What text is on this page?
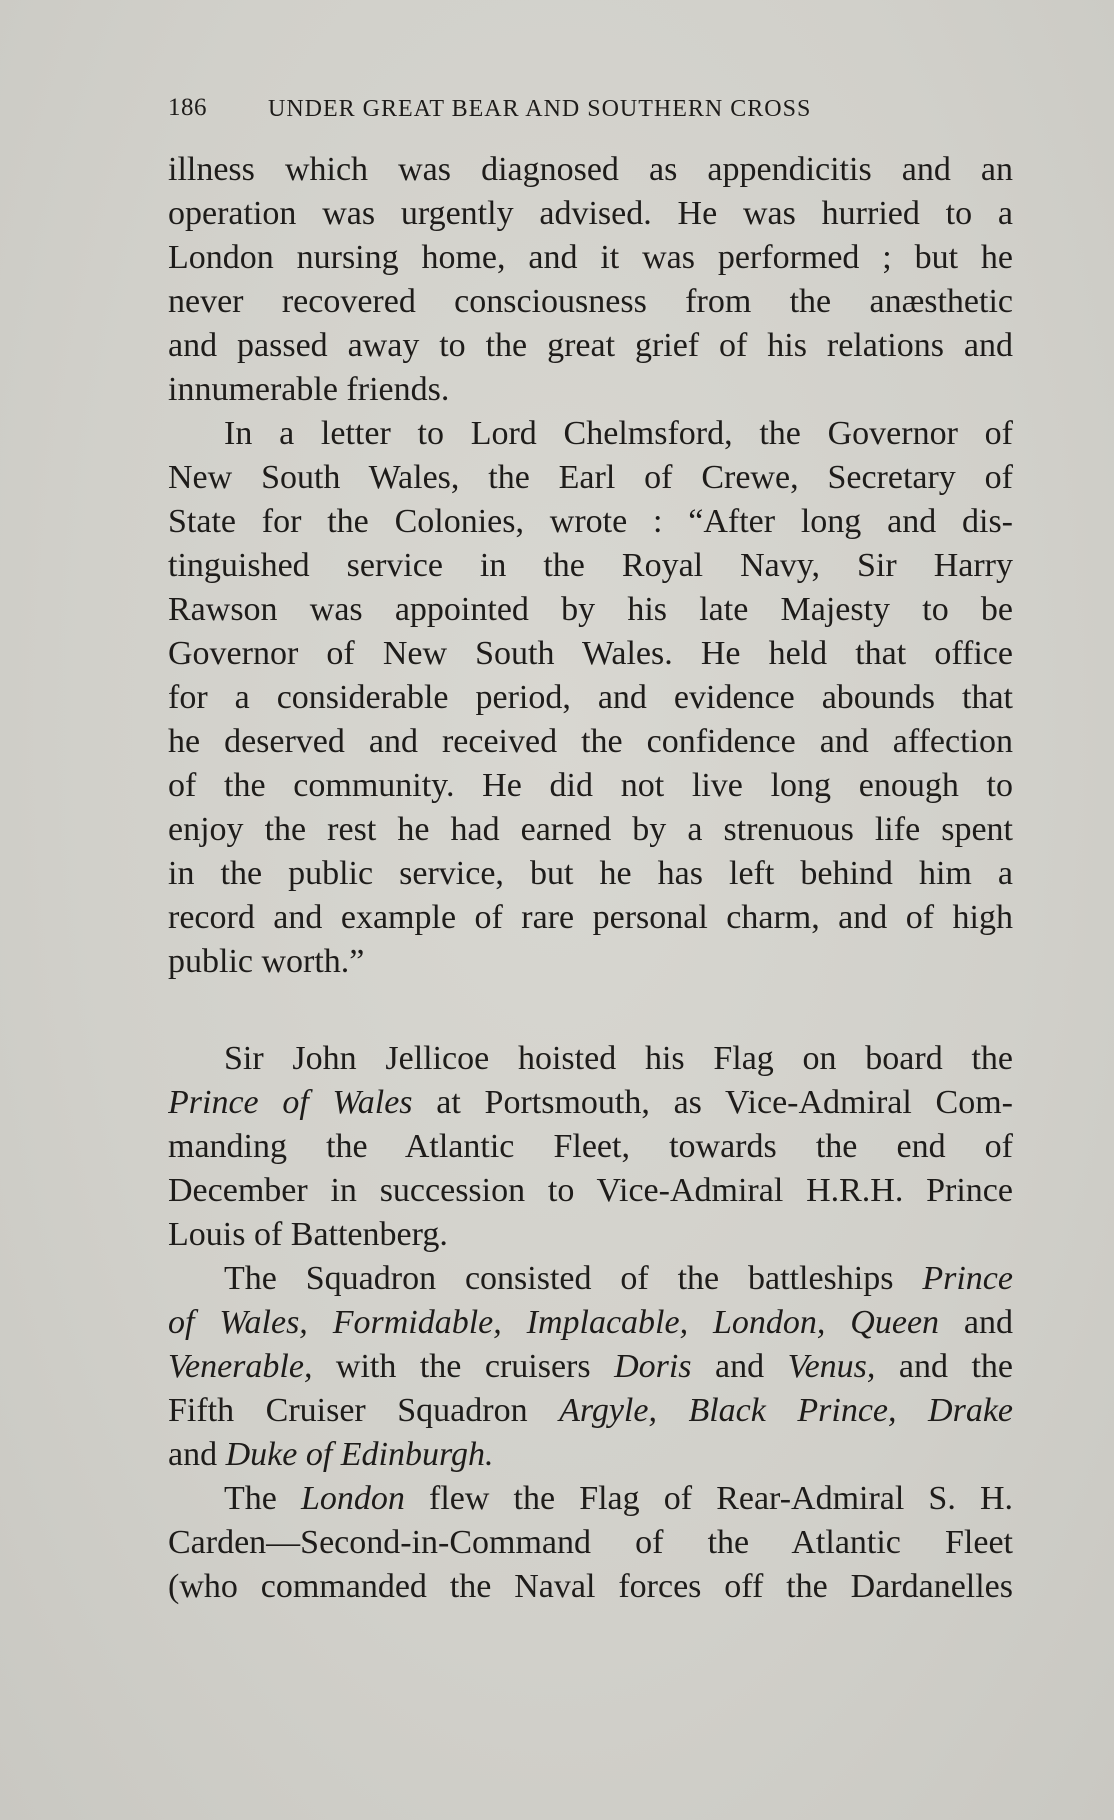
186	UNDER GREAT BEAR AND SOUTHERN CROSS
illness which was diagnosed as appendicitis and an
operation was urgently advised. He was hurried to a
London nursing home, and it was performed ; but he
never recovered consciousness from the anæsthetic
and passed away to the great grief of his relations and
innumerable friends.
In a letter to Lord Chelmsford, the Governor of
New South Wales, the Earl of Crewe, Secretary of
State for the Colonies, wrote : “After long and dis-
tinguished service in the Royal Navy, Sir Harry
Rawson was appointed by his late Majesty to be
Governor of New South Wales. He held that office
for a considerable period, and evidence abounds that
he deserved and received the confidence and affection
of the community. He did not live long enough to
enjoy the rest he had earned by a strenuous life spent
in the public service, but he has left behind him a
record and example of rare personal charm, and of high
public worth.”
Sir John Jellicoe hoisted his Flag on board the
Prince of Wales at Portsmouth, as Vice-Admiral Com-
manding the Atlantic Fleet, towards the end of
December in succession to Vice-Admiral H.R.H. Prince
Louis of Battenberg.
The Squadron consisted of the battleships Prince
of Wales, Formidable, Implacable, London, Queen and
Venerable, with the cruisers Doris and Venus, and the
Fifth Cruiser Squadron Argyle, Black Prince, Drake
and Duke of Edinburgh.
The London flew the Flag of Rear-Admiral S. H.
Carden—Second-in-Command of the Atlantic Fleet
(who commanded the Naval forces off the Dardanelles
